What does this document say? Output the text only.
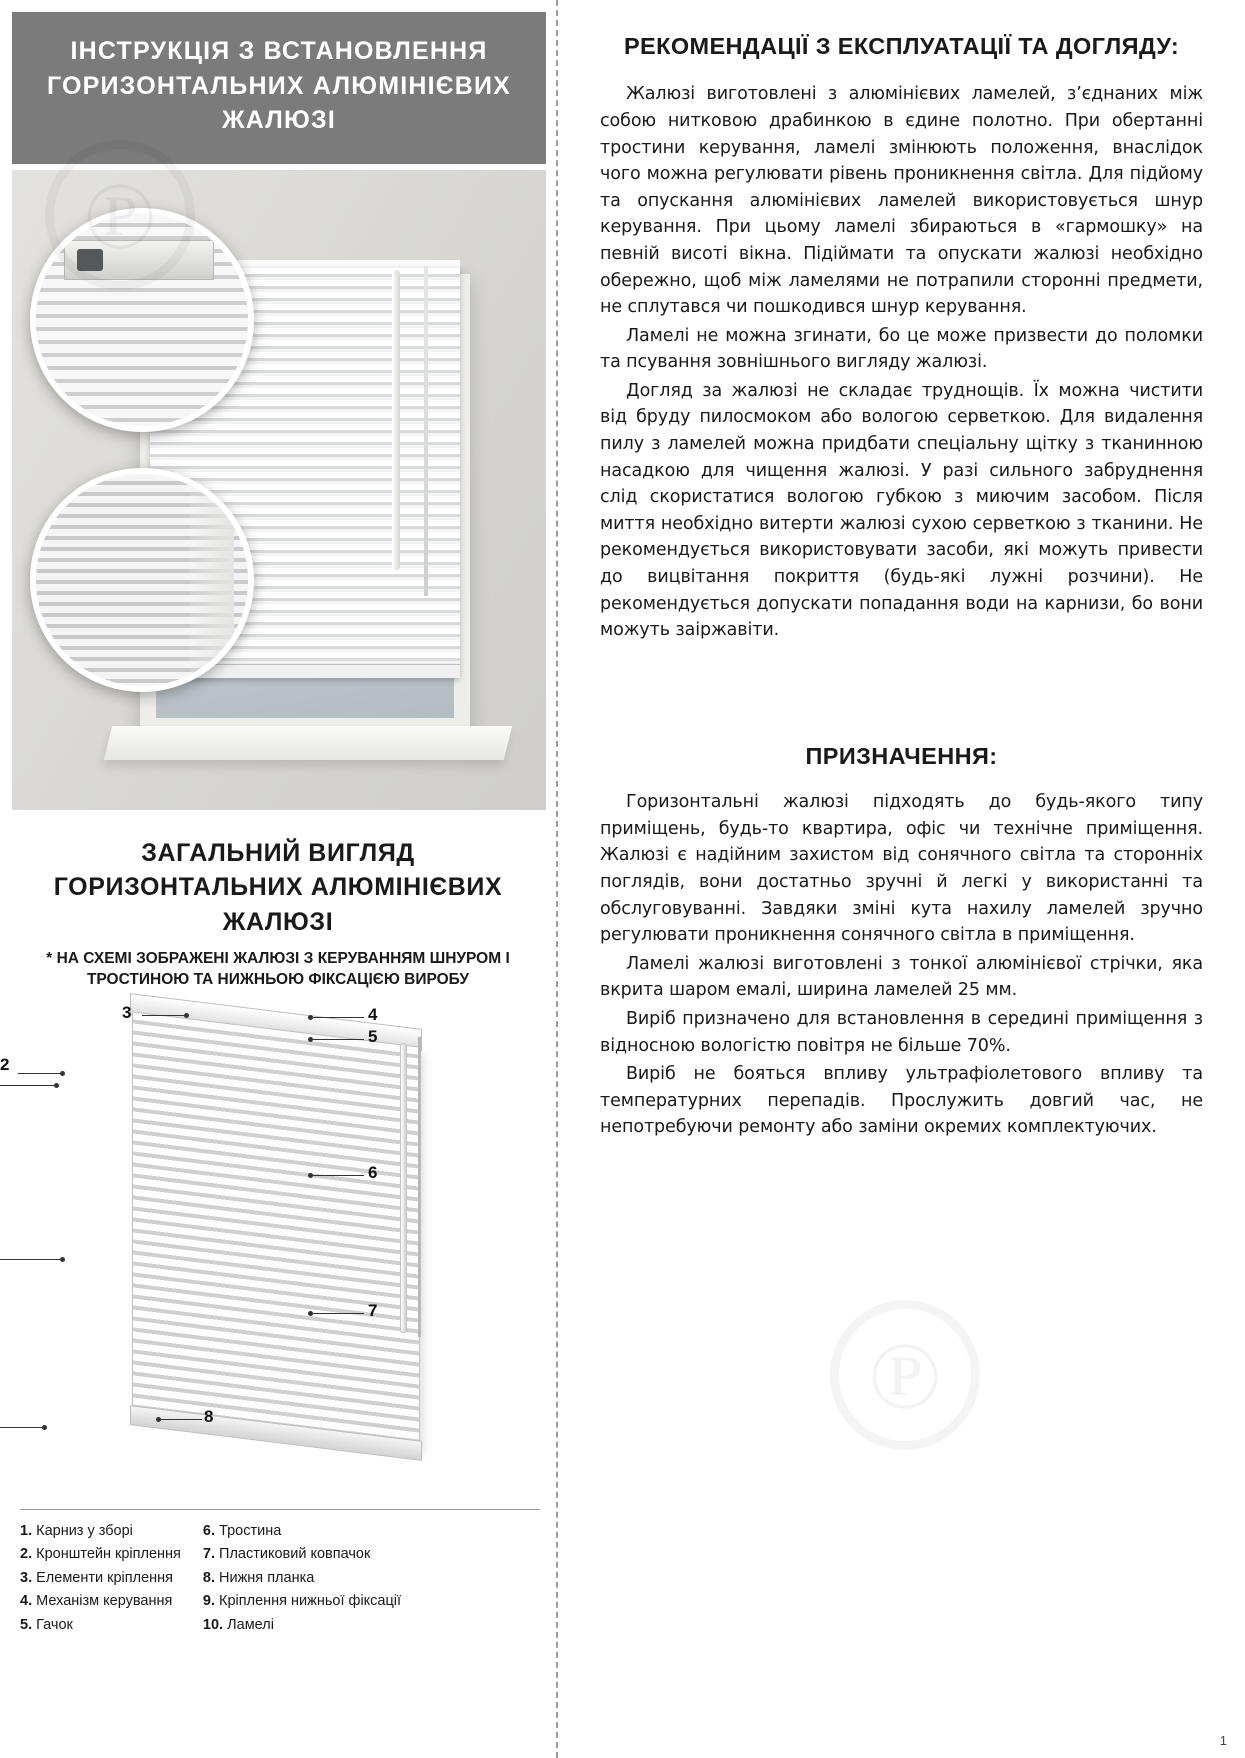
℗
ІНСТРУКЦІЯ З ВСТАНОВЛЕННЯ
ГОРИЗОНТАЛЬНИХ АЛЮМІНІЄВИХ
ЖАЛЮЗІ
ЗАГАЛЬНИЙ ВИГЛЯД
ГОРИЗОНТАЛЬНИХ АЛЮМІНІЄВИХ
ЖАЛЮЗІ
* НА СХЕМІ ЗОБРАЖЕНІ ЖАЛЮЗІ З КЕРУВАННЯМ ШНУРОМ І ТРОСТИНОЮ ТА НИЖНЬОЮ ФІКСАЦІЄЮ ВИРОБУ
3	4
5
2
6
7
8
1. Карниз у зборі
2. Кронштейн кріплення
3. Елементи кріплення
4. Механізм керування
5. Гачок
6. Тростина
7. Пластиковий ковпачок
8. Нижня планка
9. Кріплення нижньої фіксації
10. Ламелі
РЕКОМЕНДАЦІЇ З ЕКСПЛУАТАЦІЇ ТА ДОГЛЯДУ:

Жалюзі виготовлені з алюмінієвих ламелей, з’єднаних між собою нитковою драбинкою в єдине полотно. При обертанні тростини керування, ламелі змінюють положення, внаслідок чого можна регулювати рівень проникнення світла. Для підйому та опускання алюмінієвих ламелей використовується шнур керування. При цьому ламелі збираються в «гармошку» на певній висоті вікна. Підіймати та опускати жалюзі необхідно обережно, щоб між ламелями не потрапили сторонні предмети, не сплутався чи пошкодився шнур керування.

Ламелі не можна згинати, бо це може призвести до поломки та псування зовнішнього вигляду жалюзі.

Догляд за жалюзі не складає труднощів. Їх можна чистити від бруду пилосмоком або вологою серветкою. Для видалення пилу з ламелей можна придбати спеціальну щітку з тканинною насадкою для чищення жалюзі. У разі сильного забруднення слід скористатися вологою губкою з миючим засобом. Після миття необхідно витерти жалюзі сухою серветкою з тканини. Не рекомендується використовувати засоби, які можуть привести до вицвітання покриття (будь-які лужні розчини). Не рекомендується допускати попадання води на карнизи, бо вони можуть заіржавіти.

ПРИЗНАЧЕННЯ:

Горизонтальні жалюзі підходять до будь-якого типу приміщень, будь-то квартира, офіс чи технічне приміщення. Жалюзі є надійним захистом від сонячного світла та сторонніх поглядів, вони достатньо зручні й легкі у використанні та обслуговуванні. Завдяки зміні кута нахилу ламелей зручно регулювати проникнення сонячного світла в приміщення.

Ламелі жалюзі виготовлені з тонкої алюмінієвої стрічки, яка вкрита шаром емалі, ширина ламелей 25 мм.

Виріб призначено для встановлення в середині приміщення з відносною вологістю повітря не більше 70%.

Виріб не бояться впливу ультрафіолетового впливу та температурних перепадів. Прослужить довгий час, не непотребуючи ремонту або заміни окремих комплектуючих.

1
